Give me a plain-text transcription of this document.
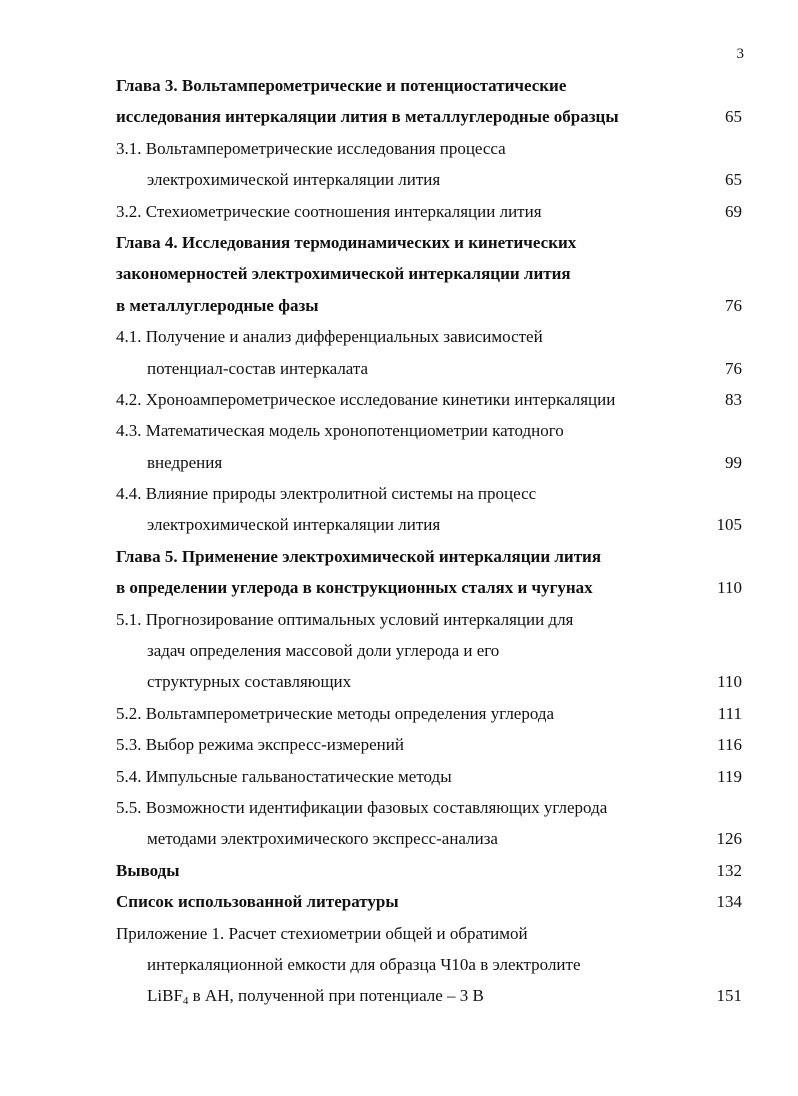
3
Глава 3. Вольтамперометрические и потенциостатические
исследования интеркаляции лития в металлуглеродные образцы	65
3.1. Вольтамперометрические исследования процесса
электрохимической интеркаляции лития	65
3.2. Стехиометрические соотношения интеркаляции лития	69
Глава 4. Исследования термодинамических и кинетических
закономерностей электрохимической интеркаляции лития
в металлуглеродные фазы	76
4.1. Получение и анализ дифференциальных зависимостей
потенциал-состав интеркалата	76
4.2. Хроноамперометрическое исследование кинетики интеркаляции	83
4.3. Математическая модель хронопотенциометрии катодного
внедрения	99
4.4. Влияние природы электролитной системы на процесс
электрохимической интеркаляции лития	105
Глава 5. Применение электрохимической интеркаляции лития
в определении углерода в конструкционных сталях и чугунах	110
5.1. Прогнозирование оптимальных условий интеркаляции для
задач определения массовой доли углерода и его
структурных составляющих	110
5.2. Вольтамперометрические методы определения углерода	111
5.3. Выбор режима экспресс-измерений	116
5.4. Импульсные гальваностатические методы	119
5.5. Возможности идентификации фазовых составляющих углерода
методами электрохимического экспресс-анализа	126
Выводы	132
Список использованной литературы	134
Приложение 1. Расчет стехиометрии общей и обратимой
интеркаляционной емкости для образца Ч10а в электролите
LiBF$_4$ в АН, полученной при потенциале – 3 В	151
